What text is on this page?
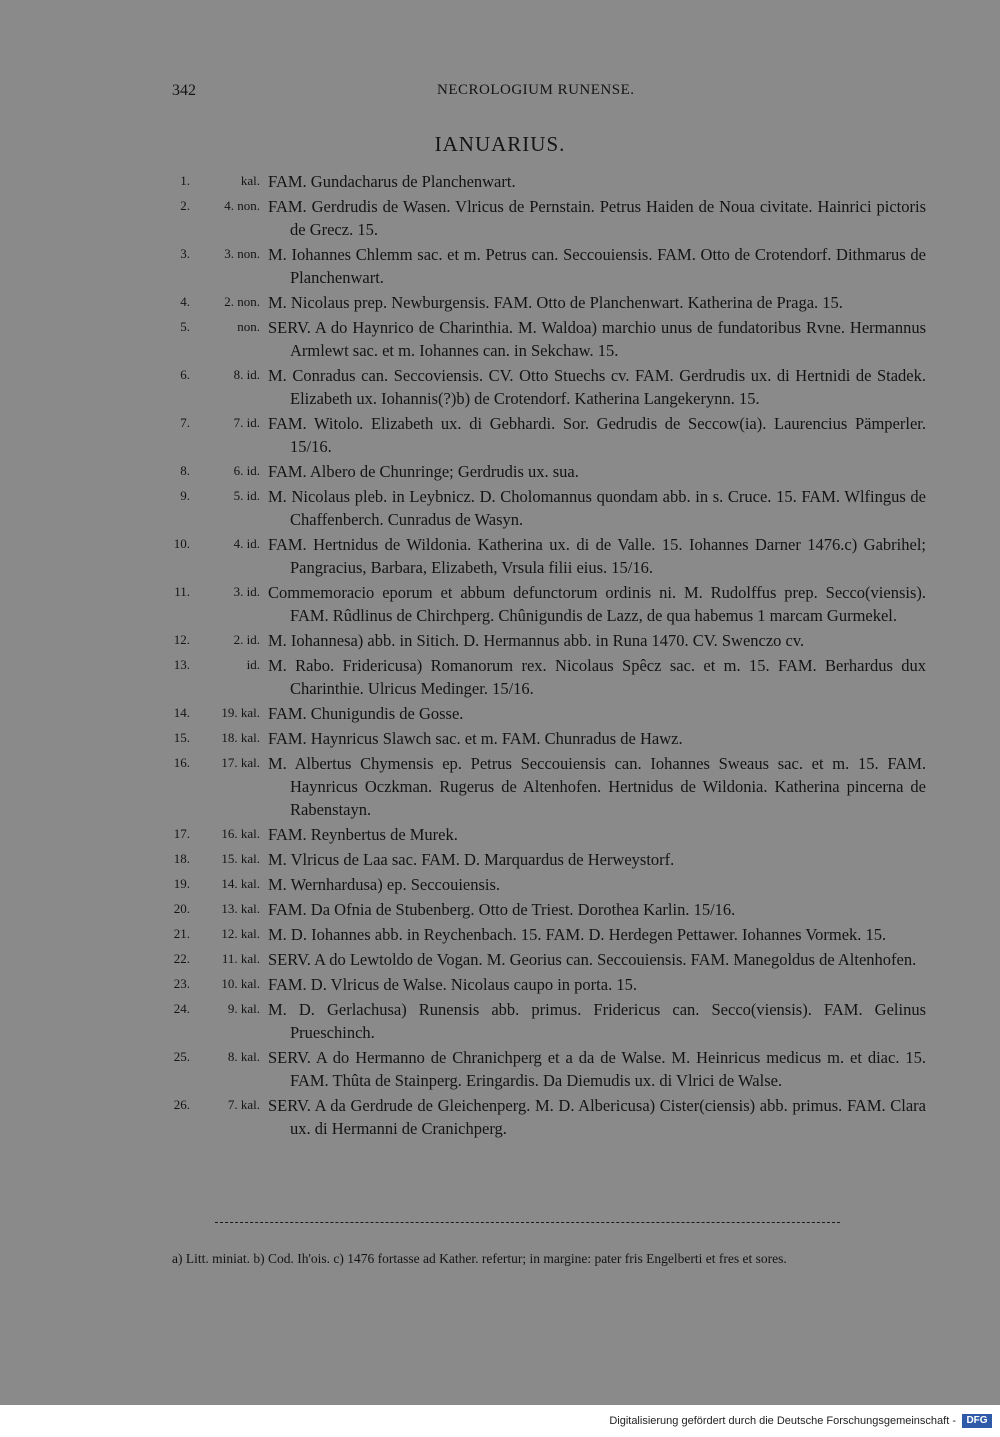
342	NECROLOGIUM RUNENSE.
IANUARIUS.
1.	kal. FAM. Gundacharus de Planchenwart.
2.	4. non. FAM. Gerdrudis de Wasen. Vlricus de Pernstain. Petrus Haiden de Noua civitate. Hainrici pictoris de Grecz. 15.
3.	3. non. M. Iohannes Chlemm sac. et m. Petrus can. Seccouiensis. FAM. Otto de Crotendorf. Dithmarus de Planchenwart.
4.	2. non. M. Nicolaus prep. Newburgensis. FAM. Otto de Planchenwart. Katherina de Praga. 15.
5.	non. SERV. A do Haynrico de Charinthia. M. Waldoa) marchio unus de fundatoribus Rvne. Hermannus Armlewt sac. et m. Iohannes can. in Sekchaw. 15.
6.	8. id. M. Conradus can. Seccoviensis. CV. Otto Stuechs cv. FAM. Gerdrudis ux. di Hertnidi de Stadek. Elizabeth ux. Iohannis(?)b) de Crotendorf. Katherina Langekerynn. 15.
7.	7. id. FAM. Witolo. Elizabeth ux. di Gebhardi. Sor. Gedrudis de Seccow(ia). Laurencius Pämperler. 15/16.
8.	6. id. FAM. Albero de Chunringe; Gerdrudis ux. sua.
9.	5. id. M. Nicolaus pleb. in Leybnicz. D. Cholomannus quondam abb. in s. Cruce. 15. FAM. Wlfingus de Chaffenberch. Cunradus de Wasyn.
10.	4. id. FAM. Hertnidus de Wildonia. Katherina ux. di de Valle. 15. Iohannes Darner 1476.c) Gabrihel; Pangracius, Barbara, Elizabeth, Vrsula filii eius. 15/16.
11.	3. id. Commemoracio eporum et abbum defunctorum ordinis ni. M. Rudolffus prep. Secco(viensis). FAM. Rûdlinus de Chirchperg. Chûnigundis de Lazz, de qua habemus 1 marcam Gurmekel.
12.	2. id. M. Iohannesa) abb. in Sitich. D. Hermannus abb. in Runa 1470. CV. Swenczo cv.
13.	id. M. Rabo. Fridericusa) Romanorum rex. Nicolaus Spêcz sac. et m. 15. FAM. Berhardus dux Charinthie. Ulricus Medinger. 15/16.
14.	19. kal. FAM. Chunigundis de Gosse.
15.	18. kal. FAM. Haynricus Slawch sac. et m. FAM. Chunradus de Hawz.
16.	17. kal. M. Albertus Chymensis ep. Petrus Seccouiensis can. Iohannes Sweaus sac. et m. 15. FAM. Haynricus Oczkman. Rugerus de Altenhofen. Hertnidus de Wildonia. Katherina pincerna de Rabenstayn.
17.	16. kal. FAM. Reynbertus de Murek.
18.	15. kal. M. Vlricus de Laa sac. FAM. D. Marquardus de Herweystorf.
19.	14. kal. M. Wernhardusa) ep. Seccouiensis.
20.	13. kal. FAM. Da Ofnia de Stubenberg. Otto de Triest. Dorothea Karlin. 15/16.
21.	12. kal. M. D. Iohannes abb. in Reychenbach. 15. FAM. D. Herdegen Pettawer. Iohannes Vormek. 15.
22.	11. kal. SERV. A do Lewtoldo de Vogan. M. Georius can. Seccouiensis. FAM. Manegoldus de Altenhofen.
23.	10. kal. FAM. D. Vlricus de Walse. Nicolaus caupo in porta. 15.
24.	9. kal. M. D. Gerlachusa) Runensis abb. primus. Fridericus can. Secco(viensis). FAM. Gelinus Prueschinch.
25.	8. kal. SERV. A do Hermanno de Chranichperg et a da de Walse. M. Heinricus medicus m. et diac. 15. FAM. Thûta de Stainperg. Eringardis. Da Diemudis ux. di Vlrici de Walse.
26.	7. kal. SERV. A da Gerdrude de Gleichenperg. M. D. Albericusa) Cister(ciensis) abb. primus. FAM. Clara ux. di Hermanni de Cranichperg.
a) Litt. miniat. b) Cod. Ih'ois. c) 1476 fortasse ad Kather. refertur; in margine: pater fris Engelberti et fres et sores.
Digitalisierung gefördert durch die Deutsche Forschungsgemeinschaft -	DFG
